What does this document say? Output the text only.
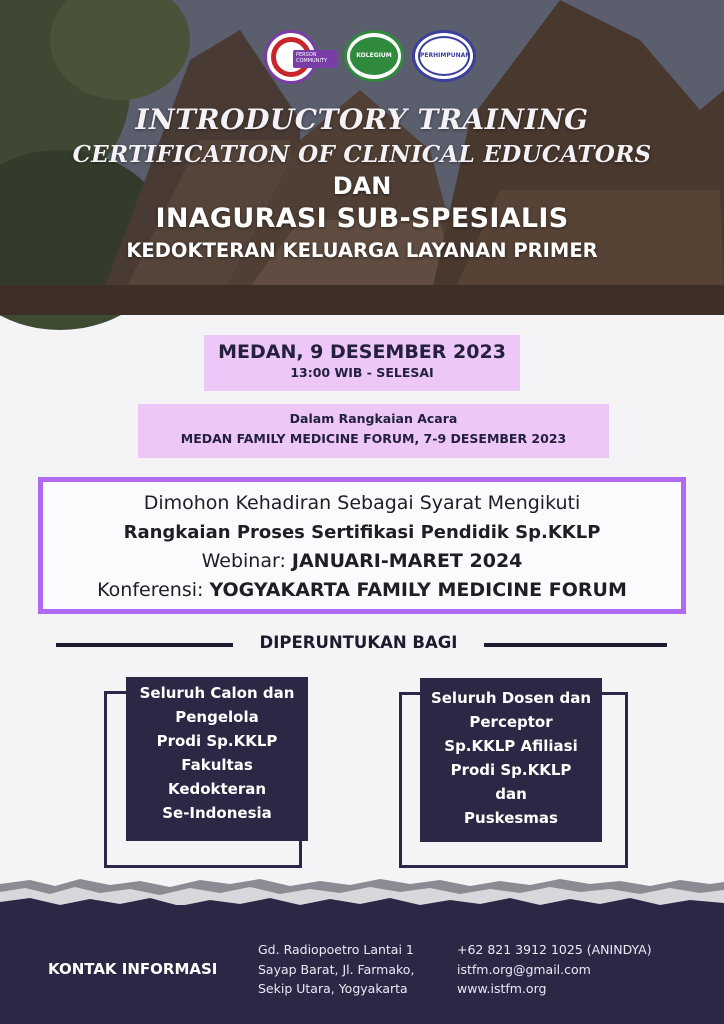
PERSON COMMUNITY
KOLEGIUM	PERHIMPUNAN
INTRODUCTORY TRAINING
CERTIFICATION OF CLINICAL EDUCATORS
DAN
INAGURASI SUB-SPESIALIS
KEDOKTERAN KELUARGA LAYANAN PRIMER
MEDAN, 9 DESEMBER 2023
13:00 WIB - SELESAI
Dalam Rangkaian Acara
MEDAN FAMILY MEDICINE FORUM, 7-9 DESEMBER 2023
Dimohon Kehadiran Sebagai Syarat Mengikuti
Rangkaian Proses Sertifikasi Pendidik Sp.KKLP
Webinar: JANUARI-MARET 2024
Konferensi: YOGYAKARTA FAMILY MEDICINE FORUM
DIPERUNTUKAN BAGI
Seluruh Calon dan
Pengelola
Prodi Sp.KKLP
Fakultas
Kedokteran
Se-Indonesia
Seluruh Dosen dan
Perceptor
Sp.KKLP Afiliasi
Prodi Sp.KKLP
dan
Puskesmas
KONTAK INFORMASI
Gd. Radiopoetro Lantai 1
Sayap Barat, Jl. Farmako,
Sekip Utara, Yogyakarta
+62 821 3912 1025 (ANINDYA)
istfm.org@gmail.com
www.istfm.org
